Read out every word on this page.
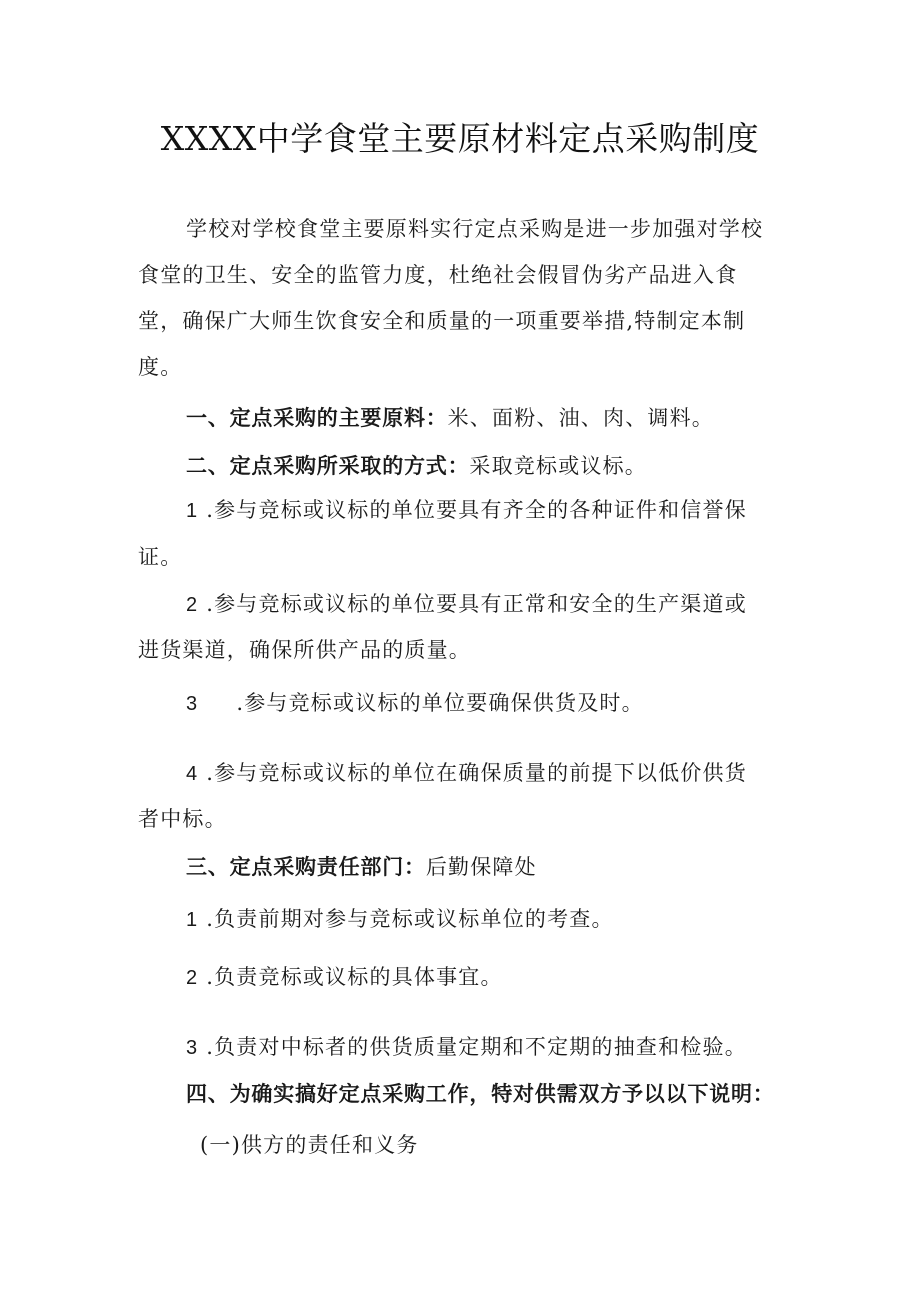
XXXX中学食堂主要原材料定点采购制度
学校对学校食堂主要原料实行定点采购是进一步加强对学校
食堂的卫生、安全的监管力度，杜绝社会假冒伪劣产品进入食
堂，确保广大师生饮食安全和质量的一项重要举措,特制定本制
度。
一、定点采购的主要原料：米、面粉、油、肉、调料。
二、定点采购所采取的方式：采取竞标或议标。
1 .参与竞标或议标的单位要具有齐全的各种证件和信誉保
证。
2 .参与竞标或议标的单位要具有正常和安全的生产渠道或
进货渠道，确保所供产品的质量。
3 .参与竞标或议标的单位要确保供货及时。
4 .参与竞标或议标的单位在确保质量的前提下以低价供货
者中标。
三、定点采购责任部门：后勤保障处
1 .负责前期对参与竞标或议标单位的考查。
2 .负责竞标或议标的具体事宜。
3 .负责对中标者的供货质量定期和不定期的抽查和检验。
四、为确实搞好定点采购工作，特对供需双方予以以下说明：
(一)供方的责任和义务
